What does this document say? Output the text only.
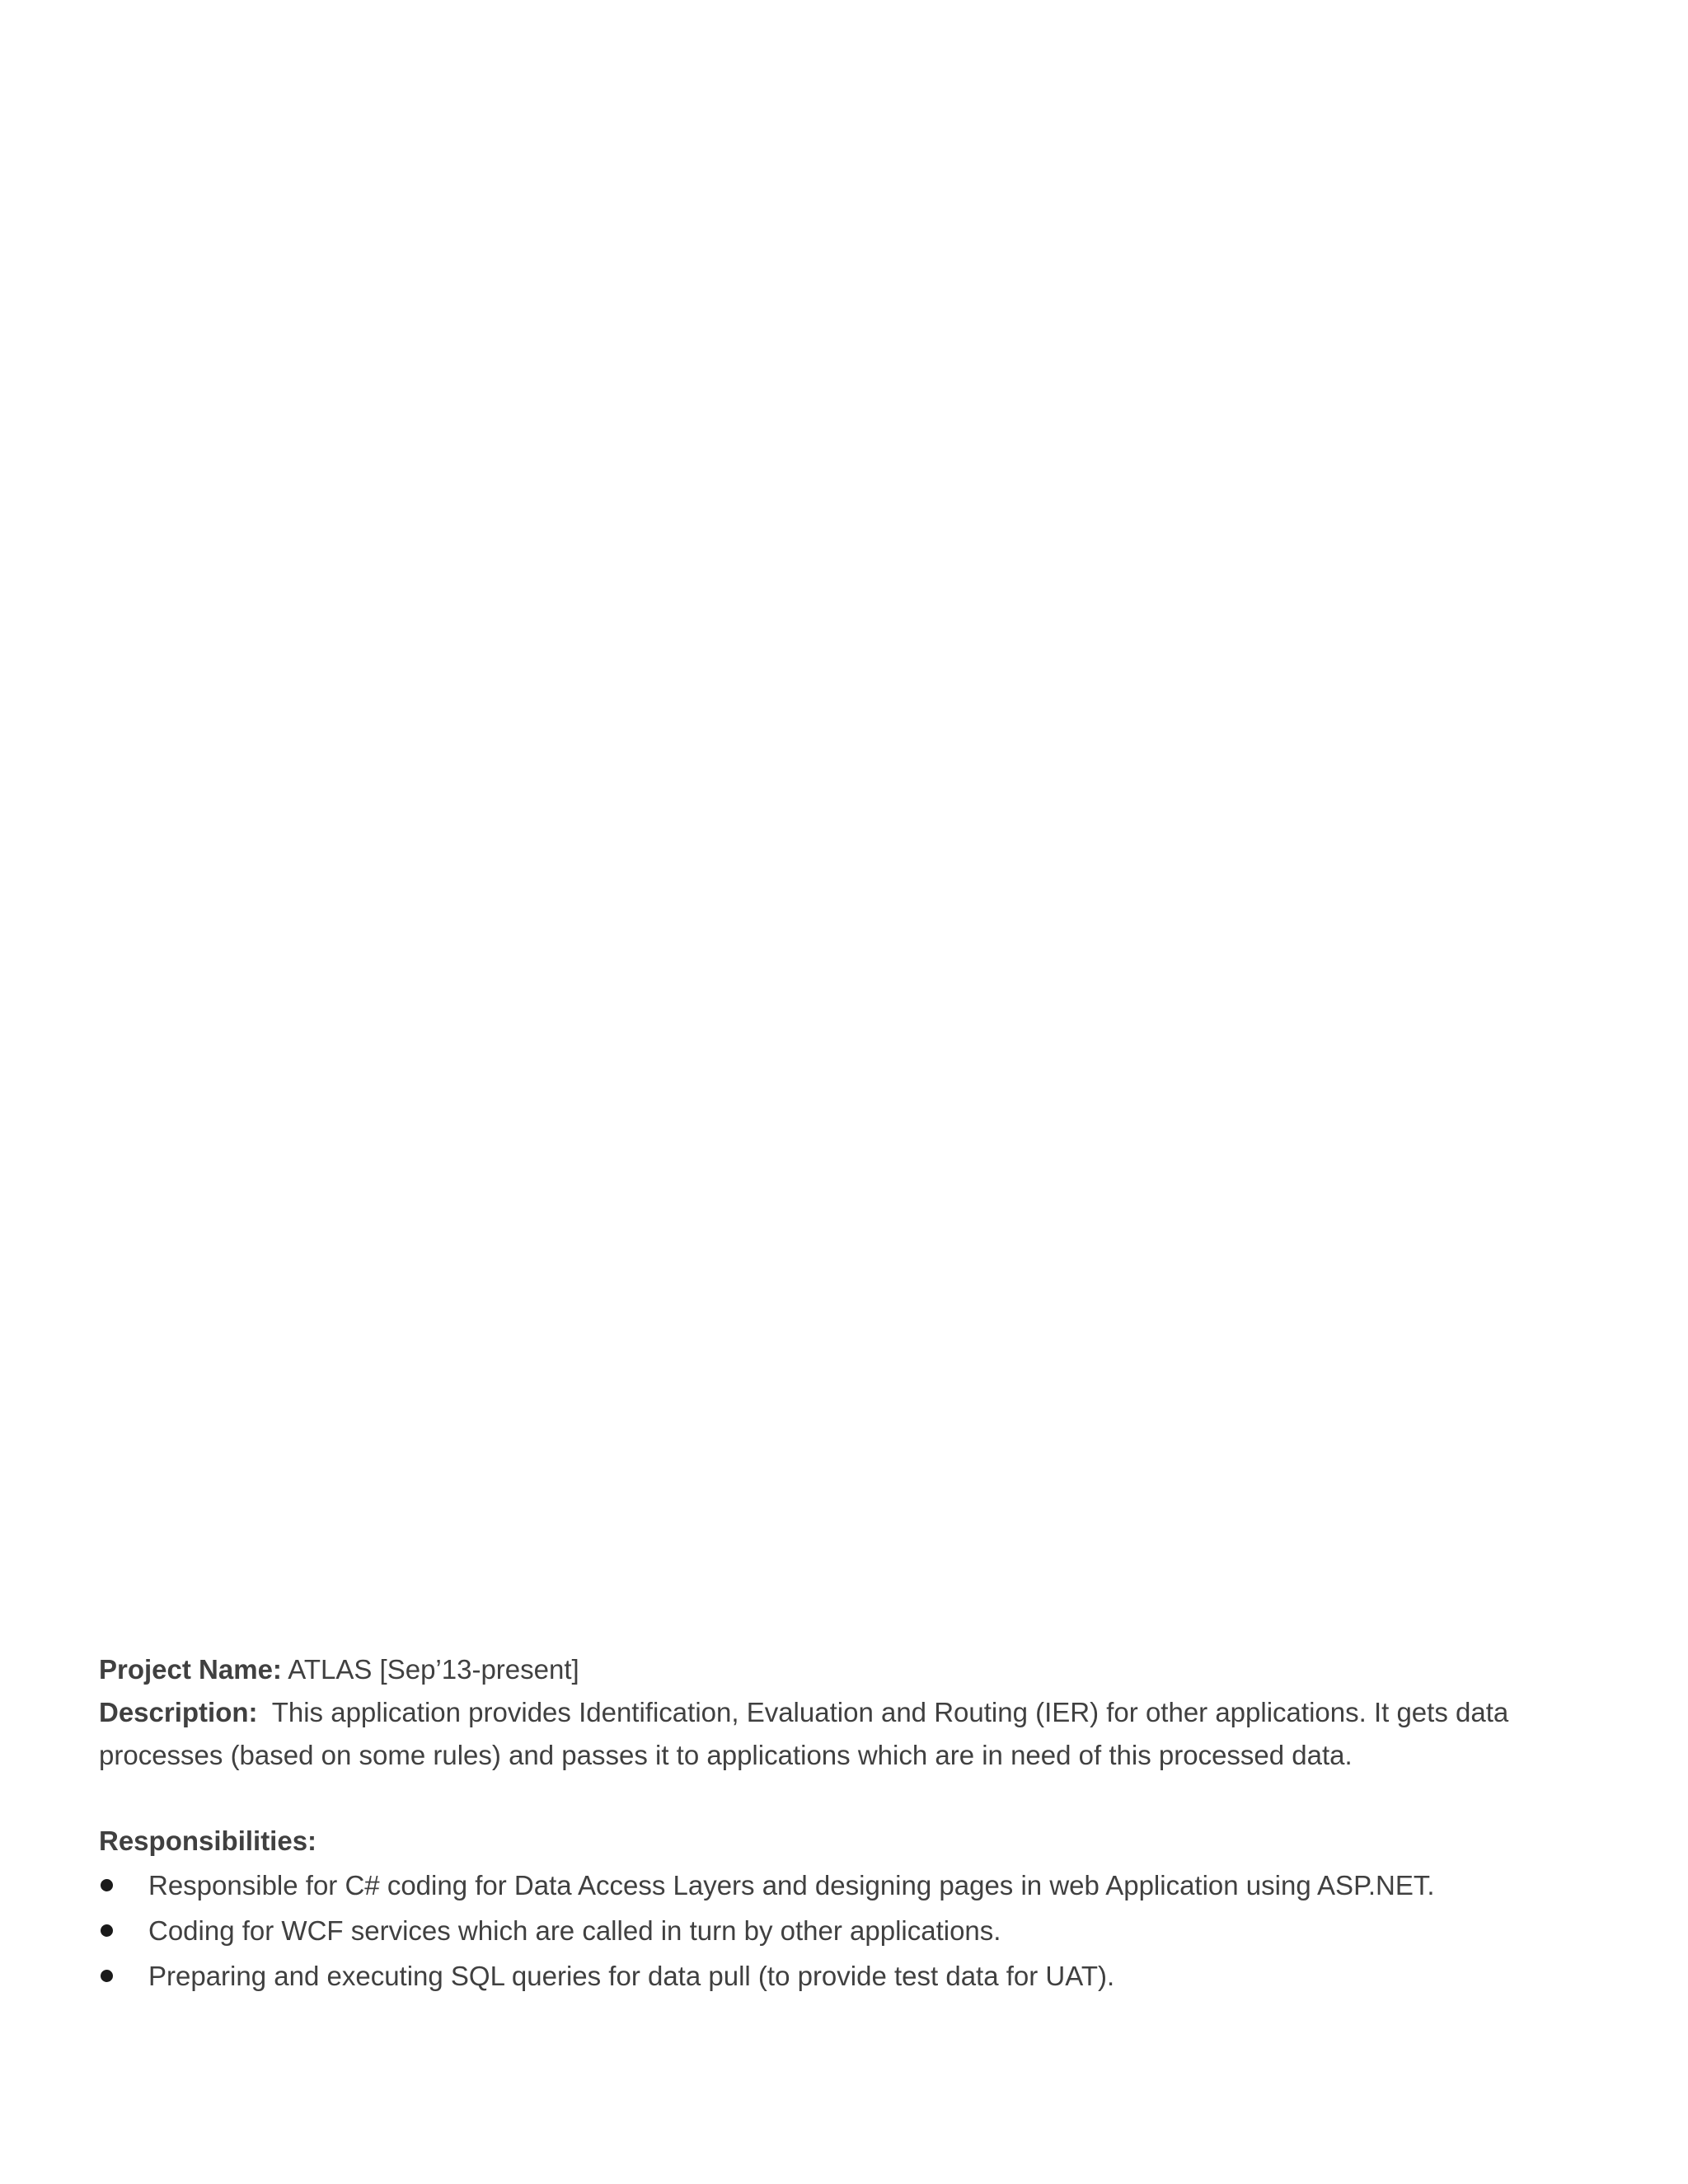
Project Name: ATLAS [Sep’13-present]
Description: This application provides Identification, Evaluation and Routing (IER) for other applications. It gets data
processes (based on some rules) and passes it to applications which are in need of this processed data.
Responsibilities:
Responsible for C# coding for Data Access Layers and designing pages in web Application using ASP.NET.
Coding for WCF services which are called in turn by other applications.
Preparing and executing SQL queries for data pull (to provide test data for UAT).
